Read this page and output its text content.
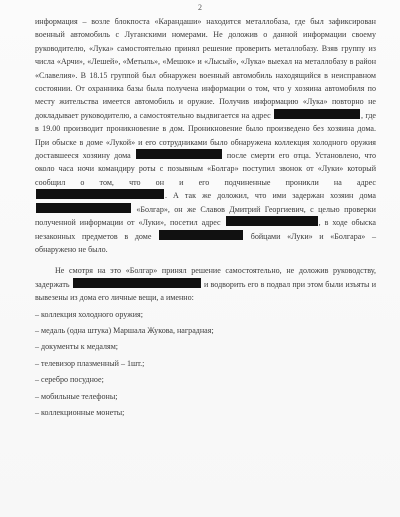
2

информация – возле блокпоста «Карандаши» находится металлобаза, где был зафиксирован военный автомобиль с Луганскими номерами. Не доложив о данной информации своему руководителю, «Лука» самостоятельно принял решение проверить металлобазу. Взяв группу из числа «Арчи», «Лешей», «Метыль», «Мешок» и «Лысый», «Лука» выехал на металлобазу в район «Славелия». В 18.15 группой был обнаружен военный автомобиль находящийся в неисправном состоянии. От охранника базы была получена информации о том, что у хозяина автомобиля по месту жительства имеется автомобиль и оружие. Получив информацию «Лука» повторно не докладывает руководителю, а самостоятельно выдвигается на адрес	, где в 19.00 производит проникновение в дом. Проникновение было произведено без хозяина дома. При обыске в доме «Лукой» и его сотрудниками было обнаружена коллекция холодного оружия доставшееся хозяину дома	после смерти его отца. Установлено, что около часа ночи командиру роты с позывным «Болгар» поступил звонок от «Луки» который сообщил о том, что он и его подчиненные проникли на адрес . А так же доложил, что ими задержан хозяин дома  «Болгар», он же Славов Дмитрий Георгиевич, с целью проверки полученной информации от «Луки», посетил адрес	, в ходе обыска незаконных предметов в доме	бойцами «Луки» и «Болгара» – обнаружено не было.

Не смотря на это «Болгар» принял решение самостоятельно, не доложив руководству, задержать	и водворить его в подвал при этом были изъяты и вывезены из дома его личные вещи, а именно:

– коллекция холодного оружия;

– медаль (одна штука) Маршала Жукова, наградная;

– документы к медалям;

– телевизор плазменный – 1шт.;

– серебро посудное;

– мобильные телефоны;

– коллекционные монеты;
